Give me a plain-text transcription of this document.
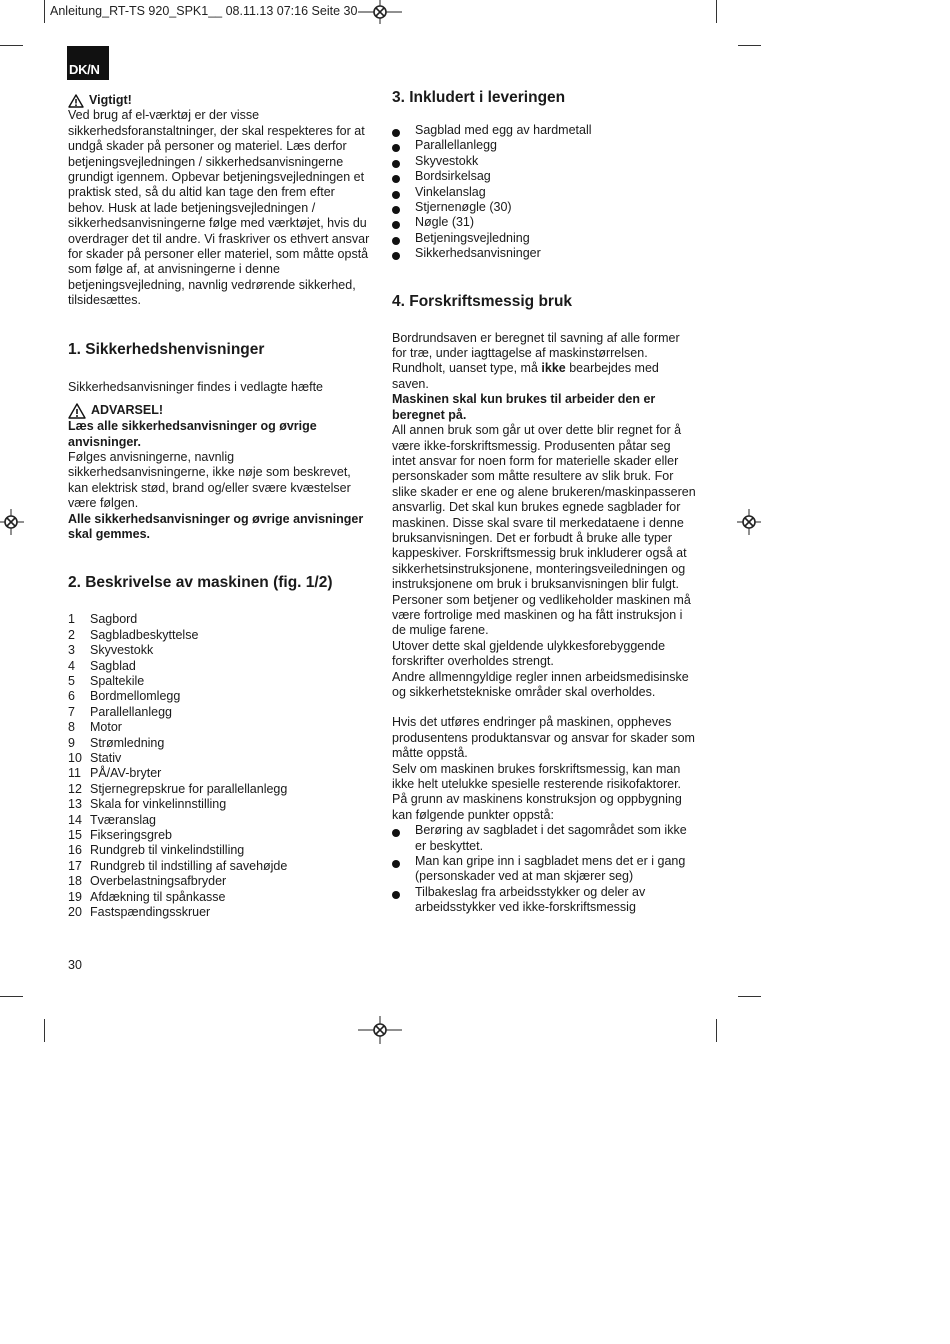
Anleitung_RT-TS 920_SPK1__ 08.11.13 07:16 Seite 30
DK/N
Vigtigt!

Ved brug af el-værktøj er der visse sikkerhedsforanstaltninger, der skal respekteres for at undgå skader på personer og materiel. Læs derfor betjeningsvejledningen / sikkerhedsanvisningerne grundigt igennem. Opbevar betjeningsvejledningen et praktisk sted, så du altid kan tage den frem efter behov. Husk at lade betjeningsvejledningen / sikkerhedsanvisningerne følge med værktøjet, hvis du overdrager det til andre. Vi fraskriver os ethvert ansvar for skader på personer eller materiel, som måtte opstå som følge af, at anvisningerne i denne betjeningsvejledning, navnlig vedrørende sikkerhed, tilsidesættes.

1. Sikkerhedshenvisninger

Sikkerhedsanvisninger findes i vedlagte hæfte

ADVARSEL!

Læs alle sikkerhedsanvisninger og øvrige anvisninger.

Følges anvisningerne, navnlig sikkerhedsanvisningerne, ikke nøje som beskrevet, kan elektrisk stød, brand og/eller svære kvæstelser være følgen.

Alle sikkerhedsanvisninger og øvrige anvisninger skal gemmes.

2. Beskrivelse av maskinen (fig. 1/2)
1	Sagbord
2	Sagbladbeskyttelse
3	Skyvestokk
4	Sagblad
5	Spaltekile
6	Bordmellomlegg
7	Parallellanlegg
8	Motor
9	Strømledning
10 Stativ
11 PÅ/AV-bryter
12 Stjernegrepskrue for parallellanlegg
13 Skala for vinkelinnstilling
14 Tværanslag
15 Fikseringsgreb
16 Rundgreb til vinkelindstilling
17 Rundgreb til indstilling af savehøjde
18 Overbelastningsafbryder
19 Afdækning til spånkasse
20 Fastspændingsskruer
3. Inkludert i leveringen
Sagblad med egg av hardmetall
Parallellanlegg
Skyvestokk
Bordsirkelsag
Vinkelanslag
Stjernenøgle (30)
Nøgle (31)
Betjeningsvejledning
Sikkerhedsanvisninger
4. Forskriftsmessig bruk

Bordrundsaven er beregnet til savning af alle former for træ, under iagttagelse af maskinstørrelsen. Rundholt, uanset type, må ikke bearbejdes med saven.

Maskinen skal kun brukes til arbeider den er beregnet på.

All annen bruk som går ut over dette blir regnet for å være ikke-forskriftsmessig. Produsenten påtar seg intet ansvar for noen form for materielle skader eller personskader som måtte resultere av slik bruk. For slike skader er ene og alene brukeren/maskinpasseren ansvarlig. Det skal kun brukes egnede sagblader for maskinen. Disse skal svare til merkedataene i denne bruksanvisningen. Det er forbudt å bruke alle typer kappeskiver. Forskriftsmessig bruk inkluderer også at sikkerhetsinstruksjonene, monteringsveiledningen og instruksjonene om bruk i bruksanvisningen blir fulgt. Personer som betjener og vedlikeholder maskinen må være fortrolige med maskinen og ha fått instruksjon i de mulige farene.

Utover dette skal gjeldende ulykkesforebyggende forskrifter overholdes strengt.

Andre allmenngyldige regler innen arbeidsmedisinske og sikkerhetstekniske områder skal overholdes.

Hvis det utføres endringer på maskinen, oppheves produsentens produktansvar og ansvar for skader som måtte oppstå.

Selv om maskinen brukes forskriftsmessig, kan man ikke helt utelukke spesielle resterende risikofaktorer. På grunn av maskinens konstruksjon og oppbygning kan følgende punkter oppstå:

Berøring av sagbladet i det sagområdet som ikke er beskyttet.
Man kan gripe inn i sagbladet mens det er i gang (personskader ved at man skjærer seg)
Tilbakeslag fra arbeidsstykker og deler av arbeidsstykker ved ikke-forskriftsmessig
30
